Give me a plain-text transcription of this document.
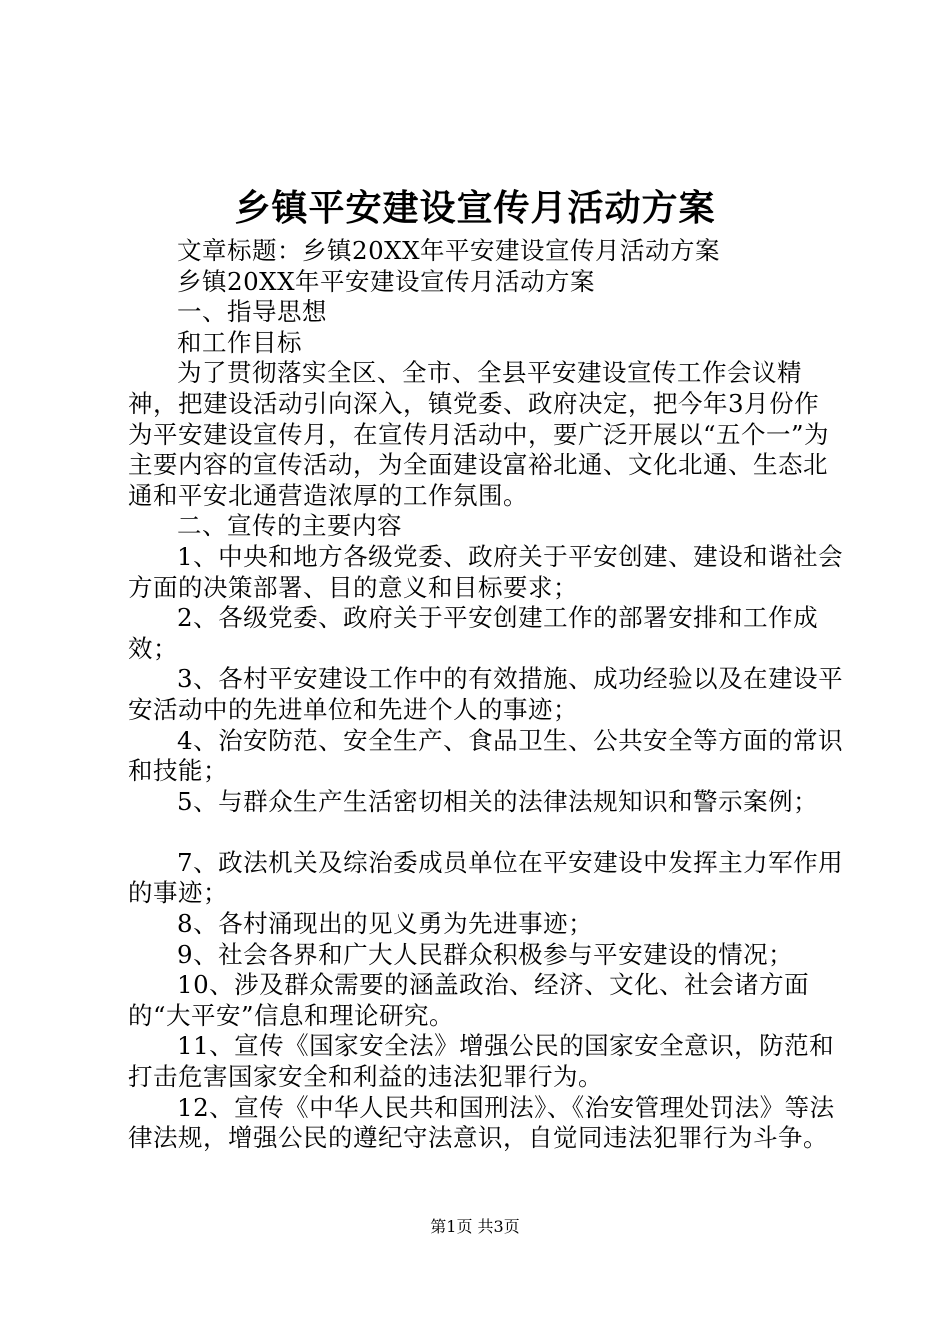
乡镇平安建设宣传月活动方案

文章标题：乡镇20XX年平安建设宣传月活动方案

乡镇20XX年平安建设宣传月活动方案

一、指导思想

和工作目标

为了贯彻落实全区、全市、全县平安建设宣传工作会议精神，把建设活动引向深入，镇党委、政府决定，把今年3月份作为平安建设宣传月，在宣传月活动中，要广泛开展以“五个一”为主要内容的宣传活动，为全面建设富裕北通、文化北通、生态北通和平安北通营造浓厚的工作氛围。

二、宣传的主要内容

1、中央和地方各级党委、政府关于平安创建、建设和谐社会方面的决策部署、目的意义和目标要求；

2、各级党委、政府关于平安创建工作的部署安排和工作成效；

3、各村平安建设工作中的有效措施、成功经验以及在建设平安活动中的先进单位和先进个人的事迹；

4、治安防范、安全生产、食品卫生、公共安全等方面的常识和技能；

5、与群众生产生活密切相关的法律法规知识和警示案例；

7、政法机关及综治委成员单位在平安建设中发挥主力军作用的事迹；

8、各村涌现出的见义勇为先进事迹；

9、社会各界和广大人民群众积极参与平安建设的情况；

10、涉及群众需要的涵盖政治、经济、文化、社会诸方面的“大平安”信息和理论研究。

11、宣传《国家安全法》增强公民的国家安全意识，防范和打击危害国家安全和利益的违法犯罪行为。

12、宣传《中华人民共和国刑法》、《治安管理处罚法》等法律法规，增强公民的遵纪守法意识，自觉同违法犯罪行为斗争。

第1页 共3页
